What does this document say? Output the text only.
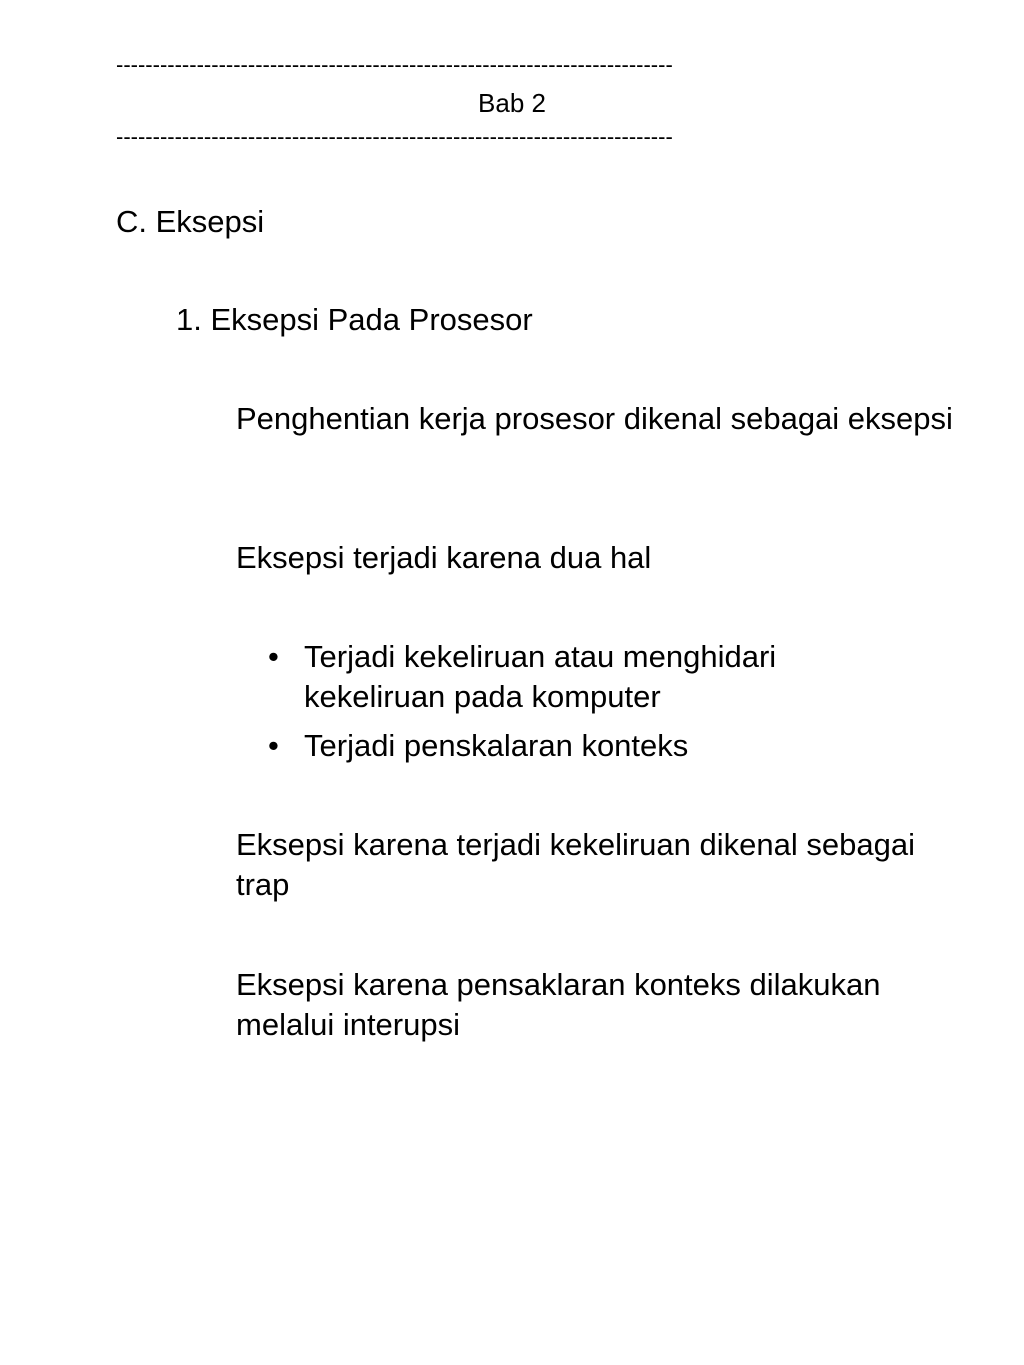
----------------------------------------------------------------------------
Bab 2
----------------------------------------------------------------------------
C. Eksepsi
1. Eksepsi Pada Prosesor
Penghentian kerja prosesor dikenal sebagai eksepsi
Eksepsi terjadi karena dua hal
• Terjadi kekeliruan atau menghidari kekeliruan pada komputer
• Terjadi penskalaran konteks
Eksepsi karena terjadi kekeliruan dikenal sebagai trap
Eksepsi karena pensaklaran konteks dilakukan melalui interupsi
